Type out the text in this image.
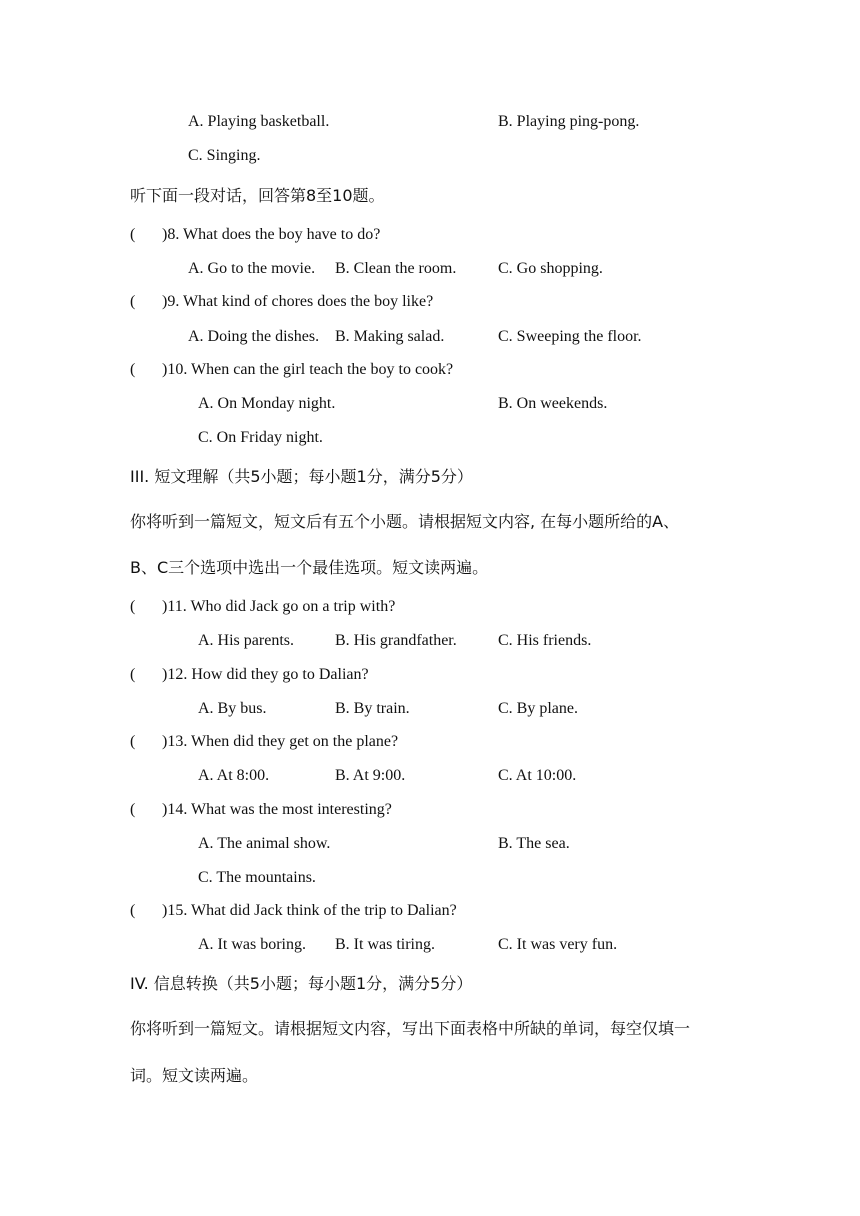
A. Playing basketball.	B. Playing ping-pong.
C. Singing.
听下面一段对话，回答第8至10题。
( )8. What does the boy have to do?
A. Go to the movie. B. Clean the room.	C. Go shopping.
( )9. What kind of chores does the boy like?
A. Doing the dishes. B. Making salad.	C. Sweeping the floor.
( )10. When can the girl teach the boy to cook?
A. On Monday night.	B. On weekends.
C. On Friday night.
III. 短文理解（共5小题；每小题1分，满分5分）
你将听到一篇短文，短文后有五个小题。请根据短文内容, 在每小题所给的A、
B、C三个选项中选出一个最佳选项。短文读两遍。
( )11. Who did Jack go on a trip with?
A. His parents.	B. His grandfather.	C. His friends.
( )12. How did they go to Dalian?
A. By bus.	B. By train.	C. By plane.
( )13. When did they get on the plane?
A. At 8:00.	B. At 9:00.	C. At 10:00.
( )14. What was the most interesting?
A. The animal show.	B. The sea.
C. The mountains.
( )15. What did Jack think of the trip to Dalian?
A. It was boring. B. It was tiring.	C. It was very fun.
IV. 信息转换（共5小题；每小题1分，满分5分）
你将听到一篇短文。请根据短文内容，写出下面表格中所缺的单词，每空仅填一
词。短文读两遍。
